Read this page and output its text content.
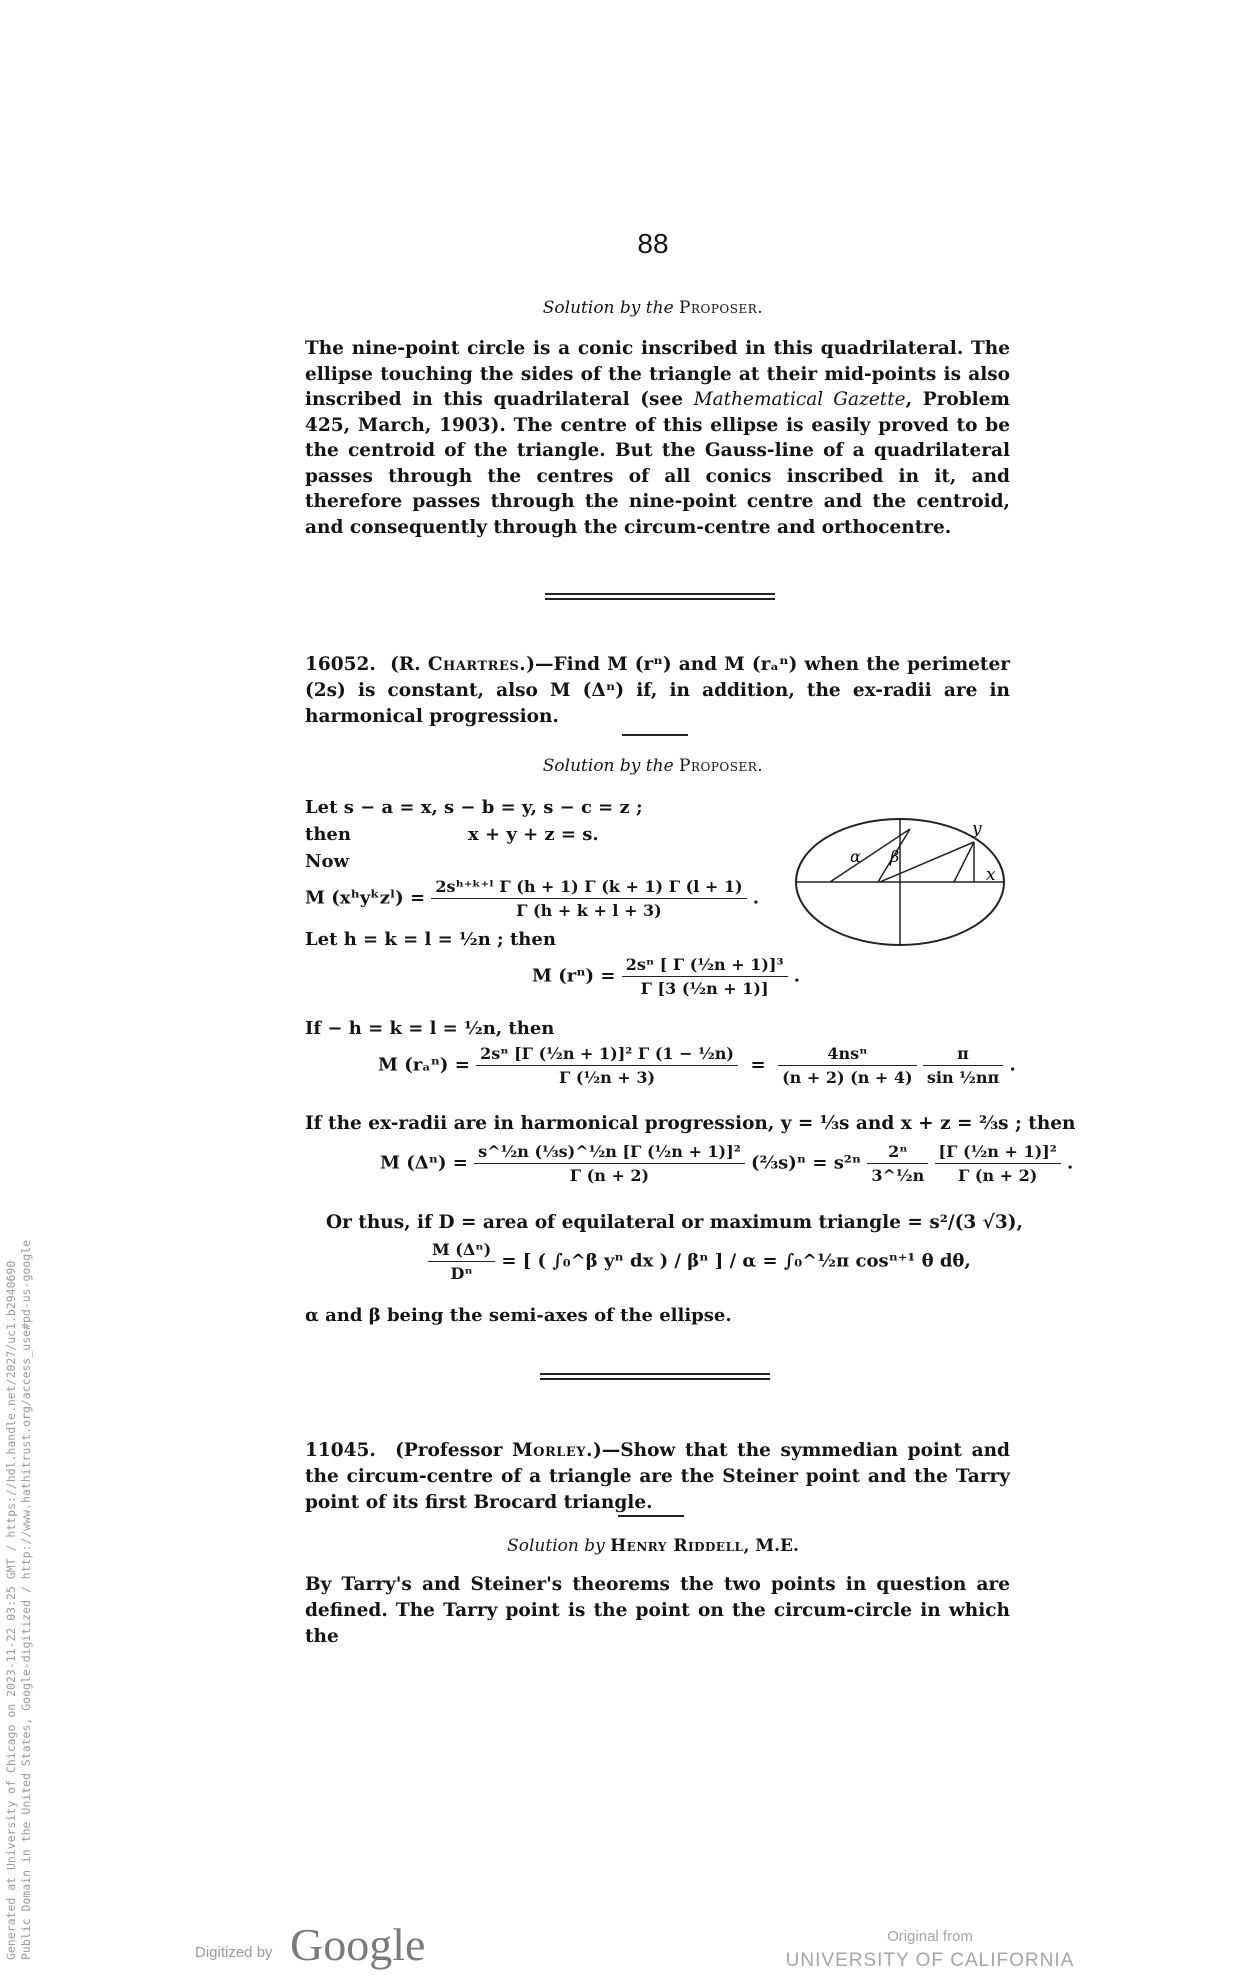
88
Solution by the Proposer.
The nine-point circle is a conic inscribed in this quadrilateral. The ellipse touching the sides of the triangle at their mid-points is also inscribed in this quadrilateral (see Mathematical Gazette, Problem 425, March, 1903). The centre of this ellipse is easily proved to be the centroid of the triangle. But the Gauss-line of a quadrilateral passes through the centres of all conics inscribed in it, and therefore passes through the nine-point centre and the centroid, and consequently through the circum-centre and orthocentre.
16052. (R. Chartres.)—Find M (rⁿ) and M (rₐⁿ) when the perimeter (2s) is constant, also M (Δⁿ) if, in addition, the ex-radii are in harmonical progression.
Solution by the Proposer.
Let s − a = x, s − b = y, s − c = z ;
then	x + y + z = s.
Now
M (xʰyᵏzˡ) = $\frac{\text{2sʰ⁺ᵏ⁺ˡ Γ (h + 1) Γ (k + 1) Γ (l + 1)}}{\Gamma (h + k + l + 3)}$ .
α β
y
x
Let h = k = l = ½n ; then
M $(r^n) = \frac{\text{2sⁿ [ Γ (½n + 1)]³}}{\text{Γ [3 (½n + 1)]}}$ .
If − h = k = l = ½n, then
M $(r_a^n) = \frac{\text{2sⁿ [Γ (½n + 1)]² Γ (1 − ½n)}}{\text{Γ (½n + 3)}} = \frac{\text{4nsⁿ}}{(n + 2) (n + 4)}$
$\frac{\pi}{\text{sin ½nπ}}$ .
If the ex-radii are in harmonical progression, y = ⅓s and x + z = ⅔s ; then
M $(\Delta^n) = \frac{\text{s\textasciicircum{}½n (⅓s)\textasciicircum{}½n [Γ (½n + 1)]²}}{\Gamma (n + 2)}$ (⅔s)ⁿ = $s^{2n} \frac{\text{2ⁿ}}{\text{3\textasciicircum{}½n}}$
$\frac{\text{[Γ (½n + 1)]²}}{\Gamma (n + 2)}$ .
Or thus, if D = area of equilateral or maximum triangle = s²/(3 √3),
$\frac{\text{M (Δⁿ)}}{\text{Dⁿ}}$ = [ ( ∫₀^β yⁿ dx ) / βⁿ ] / α = ∫₀^½π cosⁿ⁺¹ θ dθ,
α and β being the semi-axes of the ellipse.
11045. (Professor Morley.)—Show that the symmedian point and the circum-centre of a triangle are the Steiner point and the Tarry point of its first Brocard triangle.
Solution by Henry Riddell, M.E.
By Tarry's and Steiner's theorems the two points in question are defined. The Tarry point is the point on the circum-circle in which the
Generated at University of Chicago on 2023-11-22 03:25 GMT / https://hdl.handle.net/2027/uc1.b2940690 Public Domain in the United States, Google-digitized / http://www.hathitrust.org/access_use#pd-us-google	Digitized by Google	Original from
UNIVERSITY OF CALIFORNIA
